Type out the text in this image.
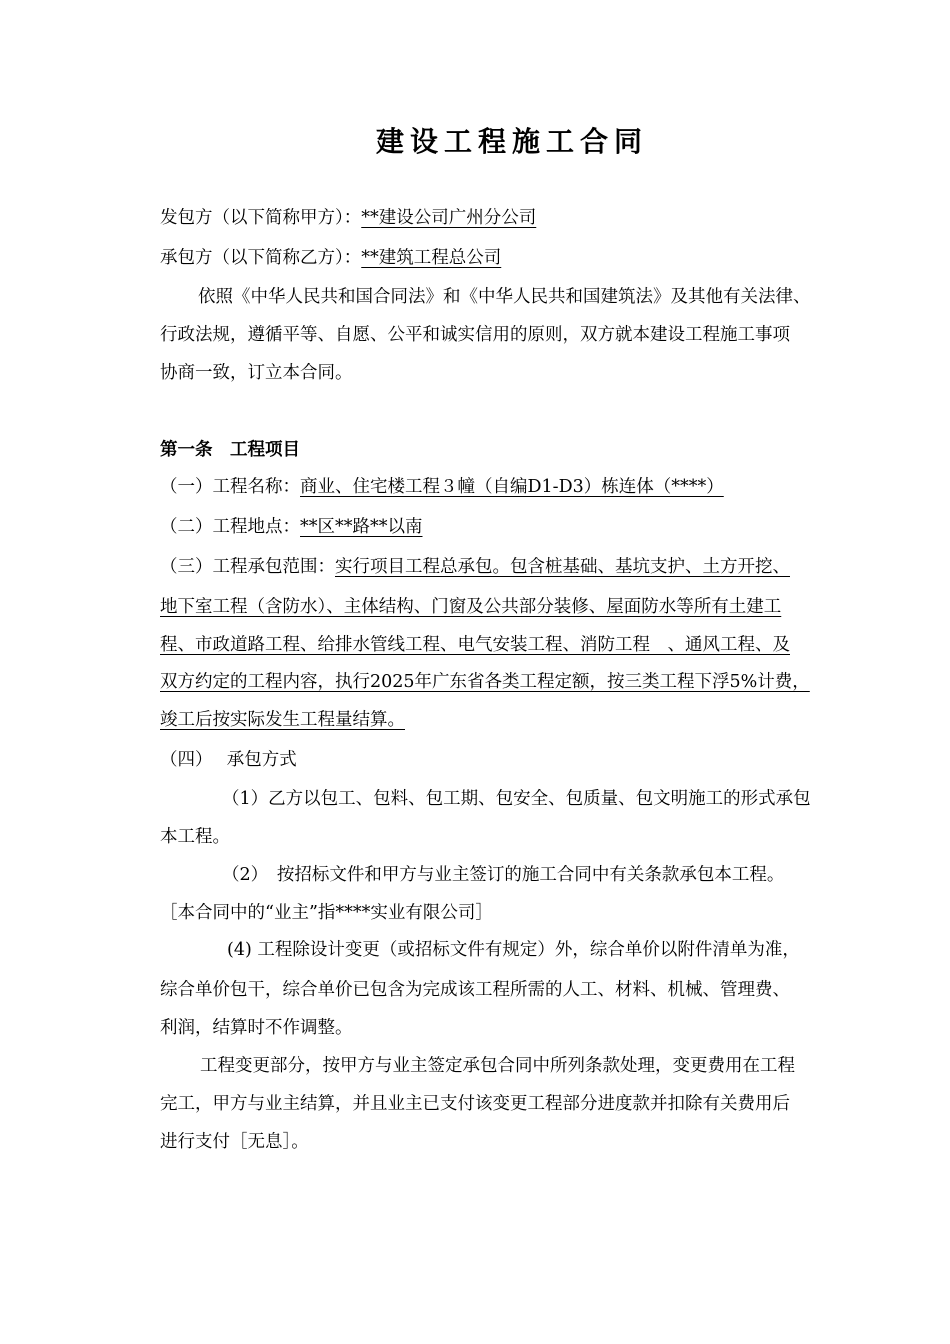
建设工程施工合同
发包方（以下简称甲方）：**建设公司广州分公司
承包方（以下简称乙方）：**建筑工程总公司
依照《中华人民共和国合同法》和《中华人民共和国建筑法》及其他有关法律、
行政法规，遵循平等、自愿、公平和诚实信用的原则，双方就本建设工程施工事项
协商一致，订立本合同。
第一条　工程项目
（一）工程名称：商业、住宅楼工程３幢（自编D1-D3）栋连体（****）
（二）工程地点：**区**路**以南
（三）工程承包范围：实行项目工程总承包。包含桩基础、基坑支护、土方开挖、
地下室工程（含防水）、主体结构、门窗及公共部分装修、屋面防水等所有土建工
程、市政道路工程、给排水管线工程、电气安装工程、消防工程　、通风工程、及
双方约定的工程内容，执行2025年广东省各类工程定额，按三类工程下浮5%计费，
竣工后按实际发生工程量结算。
（四）　 承包方式
（1）乙方以包工、包料、包工期、包安全、包质量、包文明施工的形式承包
本工程。
（2）　按招标文件和甲方与业主签订的施工合同中有关条款承包本工程。
［本合同中的“业主”指****实业有限公司］
(4) 工程除设计变更（或招标文件有规定）外，综合单价以附件清单为准，
综合单价包干，综合单价已包含为完成该工程所需的人工、材料、机械、管理费、
利润，结算时不作调整。
工程变更部分，按甲方与业主签定承包合同中所列条款处理，变更费用在工程
完工，甲方与业主结算，并且业主已支付该变更工程部分进度款并扣除有关费用后
进行支付［无息］。
